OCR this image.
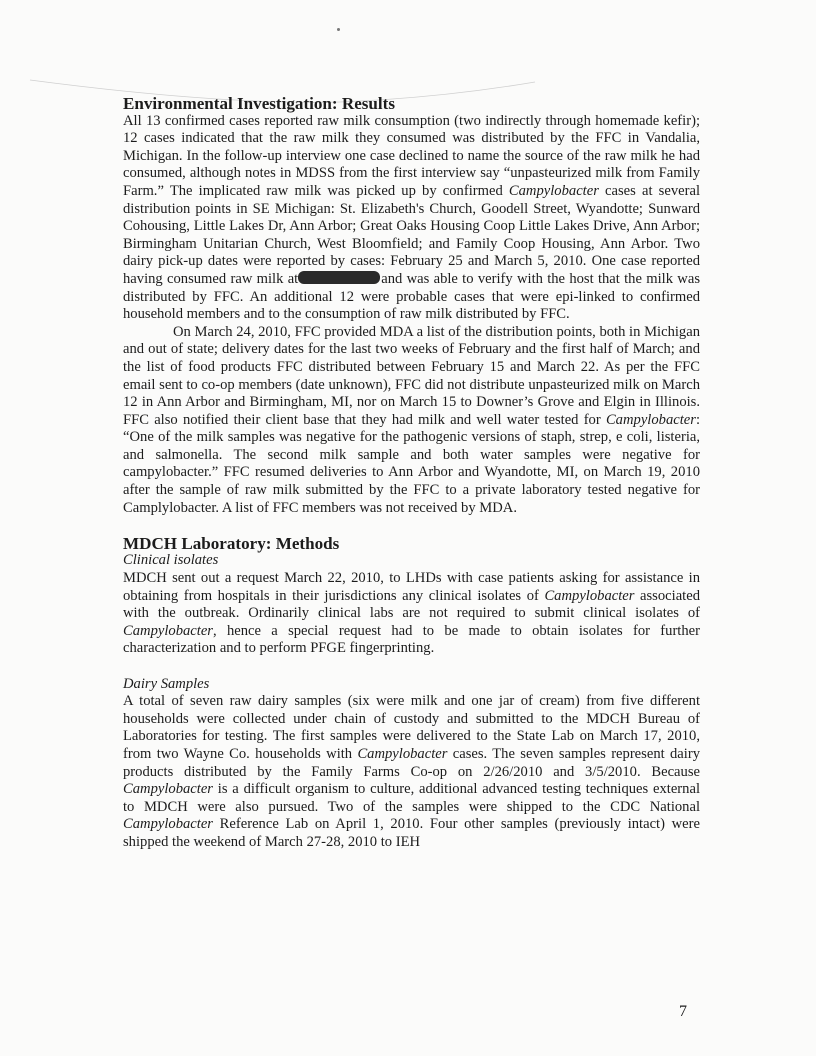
Environmental Investigation: Results

All 13 confirmed cases reported raw milk consumption (two indirectly through homemade kefir); 12 cases indicated that the raw milk they consumed was distributed by the FFC in Vandalia, Michigan. In the follow-up interview one case declined to name the source of the raw milk he had consumed, although notes in MDSS from the first interview say “unpasteurized milk from Family Farm.” The implicated raw milk was picked up by confirmed Campylobacter cases at several distribution points in SE Michigan: St. Elizabeth's Church, Goodell Street, Wyandotte; Sunward Cohousing, Little Lakes Dr, Ann Arbor; Great Oaks Housing Coop Little Lakes Drive, Ann Arbor; Birmingham Unitarian Church, West Bloomfield; and Family Coop Housing, Ann Arbor. Two dairy pick-up dates were reported by cases: February 25 and March 5, 2010. One case reported having consumed raw milk at	and was able to verify with the host that the milk was distributed by FFC. An additional 12 were probable cases that were epi-linked to confirmed household members and to the consumption of raw milk distributed by FFC.

On March 24, 2010, FFC provided MDA a list of the distribution points, both in Michigan and out of state; delivery dates for the last two weeks of February and the first half of March; and the list of food products FFC distributed between February 15 and March 22. As per the FFC email sent to co-op members (date unknown), FFC did not distribute unpasteurized milk on March 12 in Ann Arbor and Birmingham, MI, nor on March 15 to Downer’s Grove and Elgin in Illinois. FFC also notified their client base that they had milk and well water tested for Campylobacter: “One of the milk samples was negative for the pathogenic versions of staph, strep, e coli, listeria, and salmonella. The second milk sample and both water samples were negative for campylobacter.” FFC resumed deliveries to Ann Arbor and Wyandotte, MI, on March 19, 2010 after the sample of raw milk submitted by the FFC to a private laboratory tested negative for Camplylobacter. A list of FFC members was not received by MDA.

MDCH Laboratory: Methods
Clinical isolates

MDCH sent out a request March 22, 2010, to LHDs with case patients asking for assistance in obtaining from hospitals in their jurisdictions any clinical isolates of Campylobacter associated with the outbreak. Ordinarily clinical labs are not required to submit clinical isolates of Campylobacter, hence a special request had to be made to obtain isolates for further characterization and to perform PFGE fingerprinting.

Dairy Samples

A total of seven raw dairy samples (six were milk and one jar of cream) from five different households were collected under chain of custody and submitted to the MDCH Bureau of Laboratories for testing. The first samples were delivered to the State Lab on March 17, 2010, from two Wayne Co. households with Campylobacter cases. The seven samples represent dairy products distributed by the Family Farms Co-op on 2/26/2010 and 3/5/2010. Because Campylobacter is a difficult organism to culture, additional advanced testing techniques external to MDCH were also pursued. Two of the samples were shipped to the CDC National Campylobacter Reference Lab on April 1, 2010. Four other samples (previously intact) were shipped the weekend of March 27-28, 2010 to IEH

7
